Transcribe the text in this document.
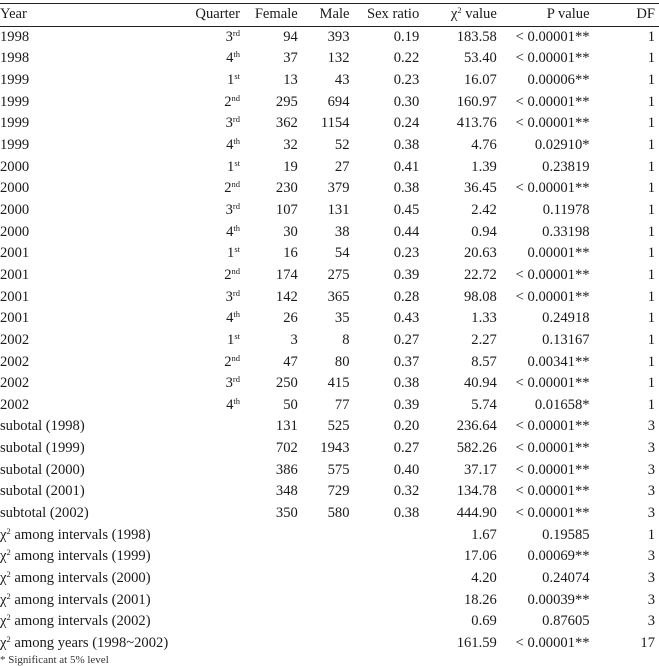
Year	Quarter	Female	Male	Sex ratio	$\chi^2$ value	P value	DF
1998	3rd	94	393	0.19	183.58	< 0.00001**	1
1998	4th	37	132	0.22	53.40	< 0.00001**	1
1999	1st	13	43	0.23	16.07	0.00006**	1
1999	2nd	295	694	0.30	160.97	< 0.00001**	1
1999	3rd	362	1154	0.24	413.76	< 0.00001**	1
1999	4th	32	52	0.38	4.76	0.02910*	1
2000	1st	19	27	0.41	1.39	0.23819	1
2000	2nd	230	379	0.38	36.45	< 0.00001**	1
2000	3rd	107	131	0.45	2.42	0.11978	1
2000	4th	30	38	0.44	0.94	0.33198	1
2001	1st	16	54	0.23	20.63	0.00001**	1
2001	2nd	174	275	0.39	22.72	< 0.00001**	1
2001	3rd	142	365	0.28	98.08	< 0.00001**	1
2001	4th	26	35	0.43	1.33	0.24918	1
2002	1st	3	8	0.27	2.27	0.13167	1
2002	2nd	47	80	0.37	8.57	0.00341**	1
2002	3rd	250	415	0.38	40.94	< 0.00001**	1
2002	4th	50	77	0.39	5.74	0.01658*	1
subotal (1998)		131	525	0.20	236.64	< 0.00001**	3
subotal (1999)		702	1943	0.27	582.26	< 0.00001**	3
subotal (2000)		386	575	0.40	37.17	< 0.00001**	3
subotal (2001)		348	729	0.32	134.78	< 0.00001**	3
subtotal (2002)		350	580	0.38	444.90	< 0.00001**	3
$\chi^2$ among intervals (1998)					1.67	0.19585	1
$\chi^2$ among intervals (1999)					17.06	0.00069**	3
$\chi^2$ among intervals (2000)					4.20	0.24074	3
$\chi^2$ among intervals (2001)					18.26	0.00039**	3
$\chi^2$ among intervals (2002)					0.69	0.87605	3
$\chi^2$ among years (1998~2002)					161.59	< 0.00001**	17
* Significant at 5% level
